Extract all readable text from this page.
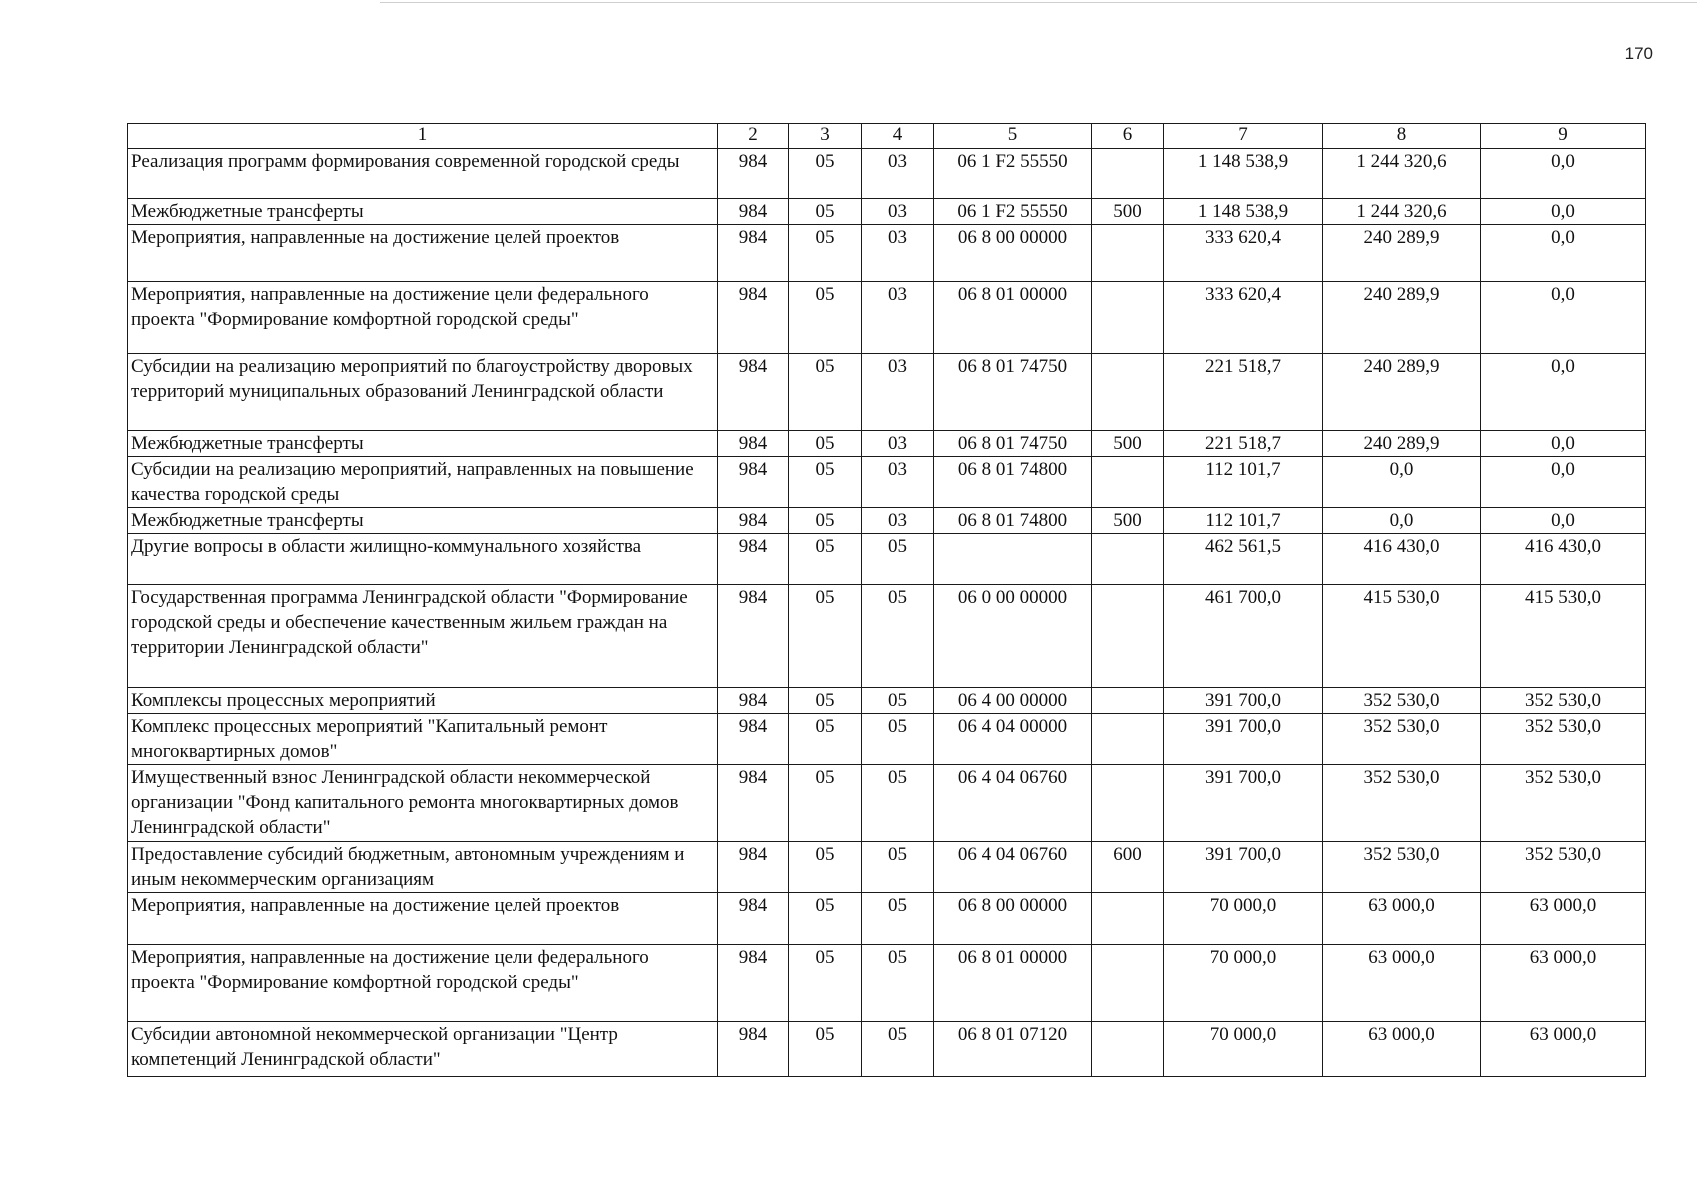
170
1	2	3	4	5	6	7	8	9
Реализация программ формирования современной городской среды	984	05	03	06 1 F2 55550		1 148 538,9	1 244 320,6	0,0
Межбюджетные трансферты	984	05	03	06 1 F2 55550	500	1 148 538,9	1 244 320,6	0,0
Мероприятия, направленные на достижение целей проектов	984	05	03	06 8 00 00000		333 620,4	240 289,9	0,0
Мероприятия, направленные на достижение цели федерального проекта "Формирование комфортной городской среды"	984	05	03	06 8 01 00000		333 620,4	240 289,9	0,0
Субсидии на реализацию мероприятий по благоустройству дворовых территорий муниципальных образований Ленинградской области	984	05	03	06 8 01 74750		221 518,7	240 289,9	0,0
Межбюджетные трансферты	984	05	03	06 8 01 74750	500	221 518,7	240 289,9	0,0
Субсидии на реализацию мероприятий, направленных на повышение качества городской среды	984	05	03	06 8 01 74800		112 101,7	0,0	0,0
Межбюджетные трансферты	984	05	03	06 8 01 74800	500	112 101,7	0,0	0,0
Другие вопросы в области жилищно-коммунального хозяйства	984	05	05			462 561,5	416 430,0	416 430,0
Государственная программа Ленинградской области "Формирование городской среды и обеспечение качественным жильем граждан на территории Ленинградской области"	984	05	05	06 0 00 00000		461 700,0	415 530,0	415 530,0
Комплексы процессных мероприятий	984	05	05	06 4 00 00000		391 700,0	352 530,0	352 530,0
Комплекс процессных мероприятий "Капитальный ремонт многоквартирных домов"	984	05	05	06 4 04 00000		391 700,0	352 530,0	352 530,0
Имущественный взнос Ленинградской области некоммерческой организации "Фонд капитального ремонта многоквартирных домов Ленинградской области"	984	05	05	06 4 04 06760		391 700,0	352 530,0	352 530,0
Предоставление субсидий бюджетным, автономным учреждениям и иным некоммерческим организациям	984	05	05	06 4 04 06760	600	391 700,0	352 530,0	352 530,0
Мероприятия, направленные на достижение целей проектов	984	05	05	06 8 00 00000		70 000,0	63 000,0	63 000,0
Мероприятия, направленные на достижение цели федерального проекта "Формирование комфортной городской среды"	984	05	05	06 8 01 00000		70 000,0	63 000,0	63 000,0
Субсидии автономной некоммерческой организации "Центр компетенций Ленинградской области"	984	05	05	06 8 01 07120		70 000,0	63 000,0	63 000,0
